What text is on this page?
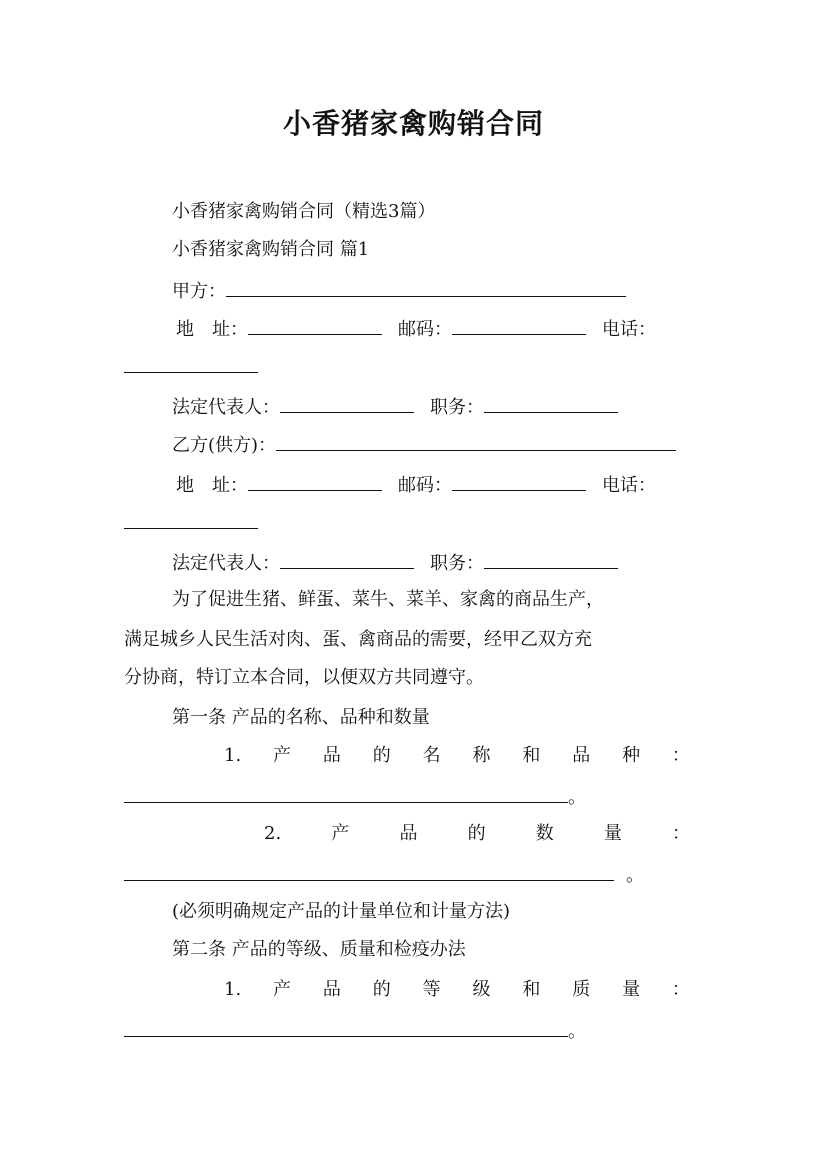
小香猪家禽购销合同
小香猪家禽购销合同（精选3篇）
小香猪家禽购销合同 篇1
甲方：
地　址：	邮码：	电话：
法定代表人：	职务：
乙方(供方)：
地　址：	邮码：	电话：
法定代表人：	职务：
为了促进生猪、鲜蛋、菜牛、菜羊、家禽的商品生产，
满足城乡人民生活对肉、蛋、禽商品的需要，经甲乙双方充
分协商，特订立本合同，以便双方共同遵守。
第一条 产品的名称、品种和数量
1. 产 品 的 名 称 和 品 种 ：
。
2.	产	品	的	数	量	：
。
(必须明确规定产品的计量单位和计量方法)
第二条 产品的等级、质量和检疫办法
1. 产 品 的 等 级 和 质 量 ：
。
